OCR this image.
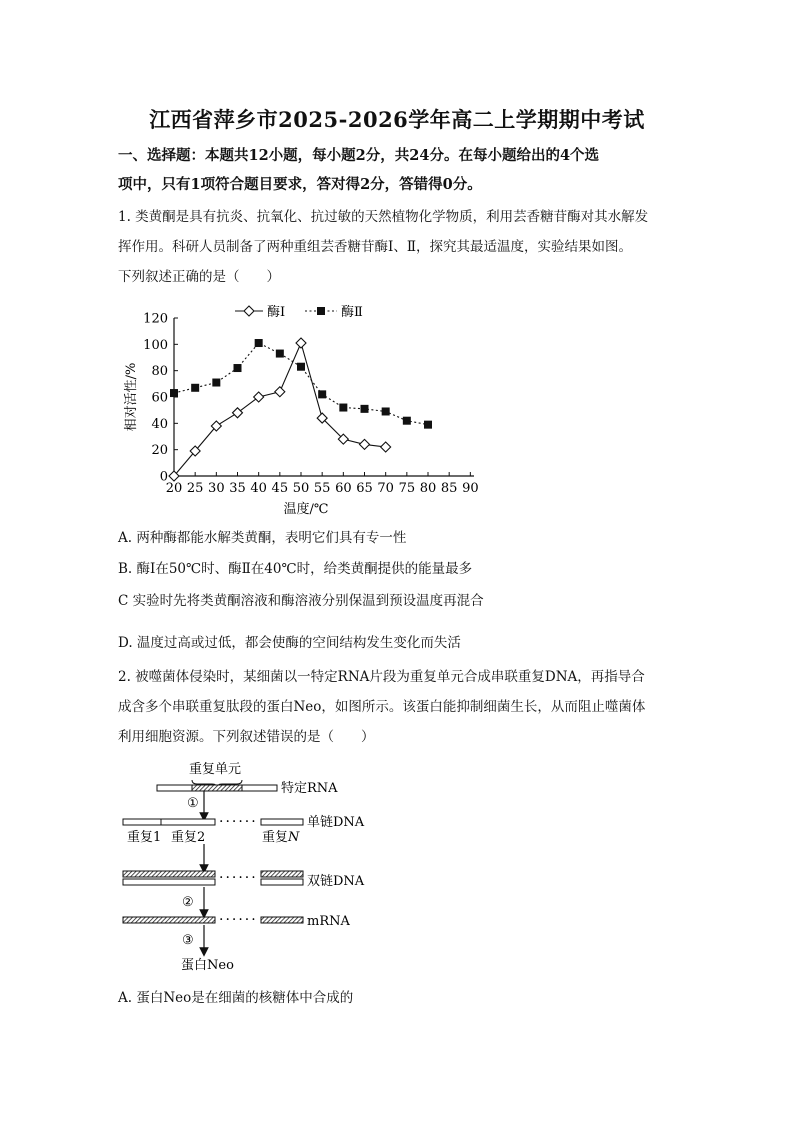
江西省萍乡市2025-2026学年高二上学期期中考试
一、选择题：本题共12小题，每小题2分，共24分。在每小题给出的4个选
项中，只有1项符合题目要求，答对得2分，答错得0分。
1. 类黄酮是具有抗炎、抗氧化、抗过敏的天然植物化学物质，利用芸香糖苷酶对其水解发
挥作用。科研人员制备了两种重组芸香糖苷酶Ⅰ、Ⅱ，探究其最适温度，实验结果如图。
下列叙述正确的是（　　）
0
20
40
60
80
100
120
20 25 30 35 40 45 50 55 60 65 70 75 80 85 90
温度/℃
相对活性/%
酶Ⅰ	酶Ⅱ
A. 两种酶都能水解类黄酮，表明它们具有专一性
B. 酶Ⅰ在50℃时、酶Ⅱ在40℃时，给类黄酮提供的能量最多
C 实验时先将类黄酮溶液和酶溶液分别保温到预设温度再混合
D. 温度过高或过低，都会使酶的空间结构发生变化而失活
2. 被噬菌体侵染时，某细菌以一特定RNA片段为重复单元合成串联重复DNA，再指导合
成含多个串联重复肽段的蛋白Neo，如图所示。该蛋白能抑制细菌生长，从而阻止噬菌体
利用细胞资源。下列叙述错误的是（　　）
重复单元
特定RNA
①
······	单链DNA
重复1 重复2	重复N
······	双链DNA
②
······	mRNA
③
蛋白Neo
A. 蛋白Neo是在细菌的核糖体中合成的
